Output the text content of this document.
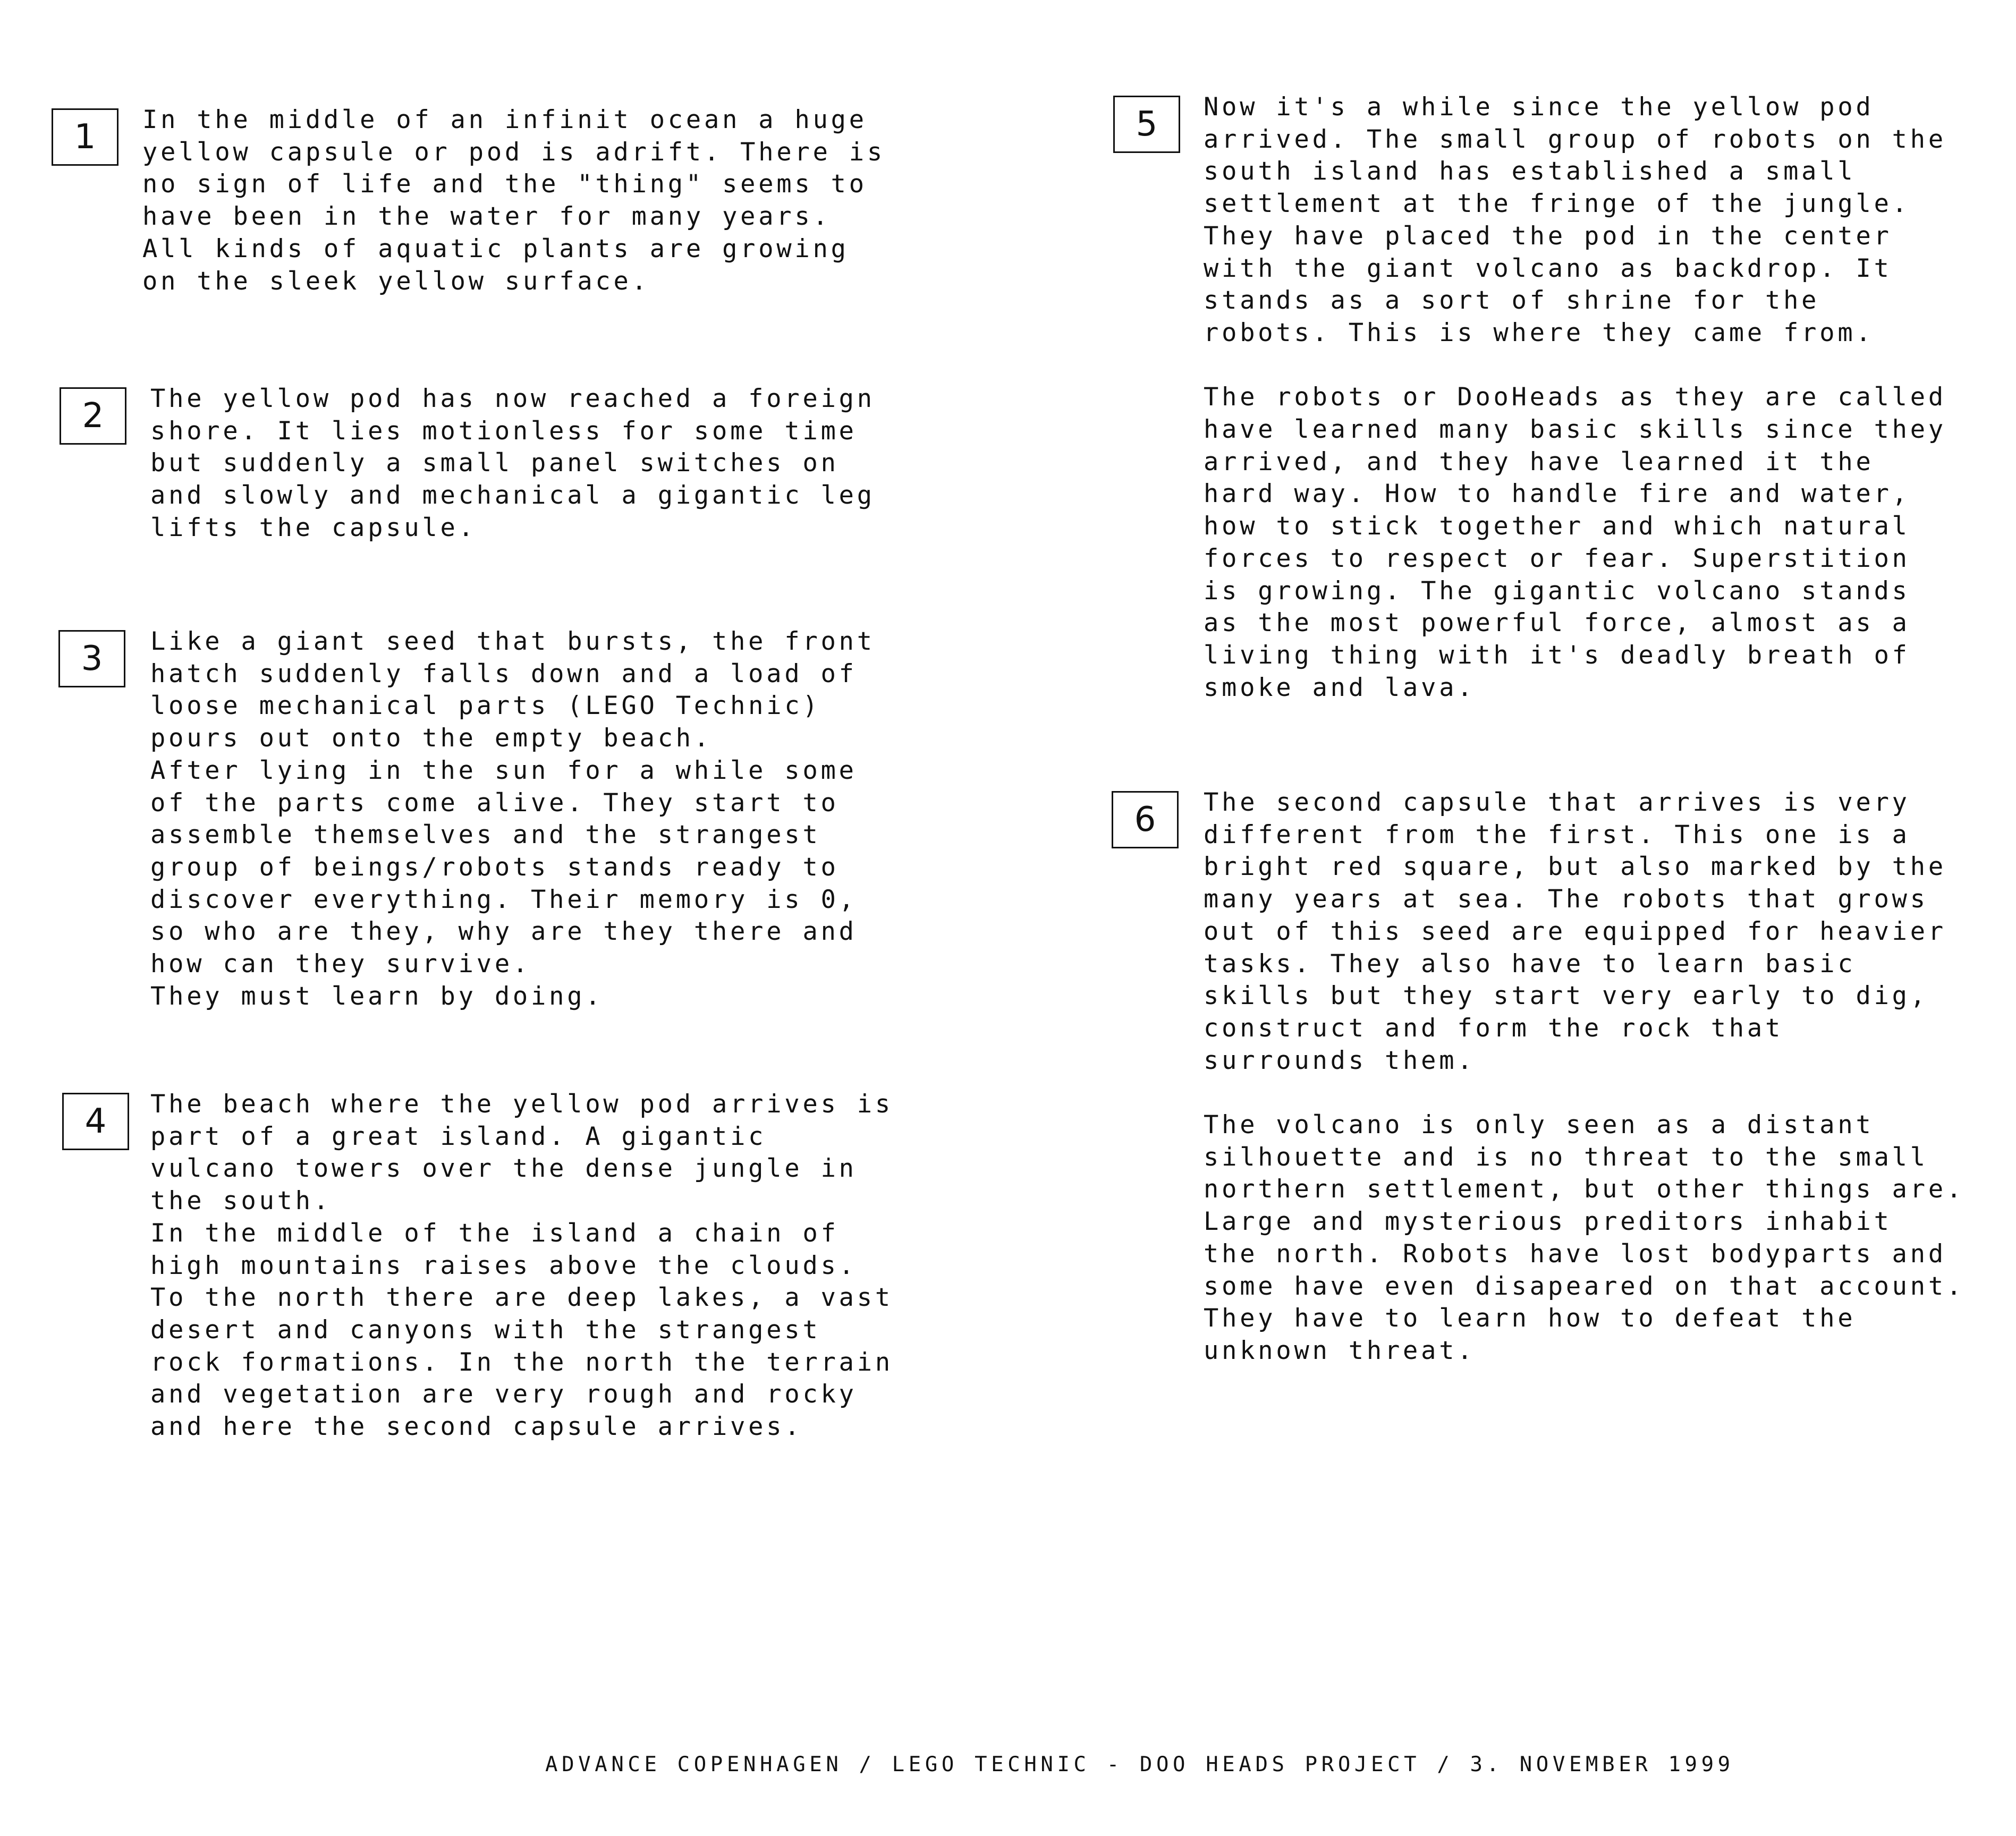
1	In the middle of an infinit ocean a huge
yellow capsule or pod is adrift. There is
no sign of life and the "thing" seems to
have been in the water for many years.
All kinds of aquatic plants are growing
on the sleek yellow surface.

2	The yellow pod has now reached a foreign
shore. It lies motionless for some time
but suddenly a small panel switches on
and slowly and mechanical a gigantic leg
lifts the capsule.

3	Like a giant seed that bursts, the front
hatch suddenly falls down and a load of
loose mechanical parts (LEGO Technic)
pours out onto the empty beach.
After lying in the sun for a while some
of the parts come alive. They start to
assemble themselves and the strangest
group of beings/robots stands ready to
discover everything. Their memory is 0,
so who are they, why are they there and
how can they survive.
They must learn by doing.

4	The beach where the yellow pod arrives is
part of a great island. A gigantic
vulcano towers over the dense jungle in
the south.
In the middle of the island a chain of
high mountains raises above the clouds.
To the north there are deep lakes, a vast
desert and canyons with the strangest
rock formations. In the north the terrain
and vegetation are very rough and rocky
and here the second capsule arrives.

5	Now it's a while since the yellow pod
arrived. The small group of robots on the
south island has established a small
settlement at the fringe of the jungle.
They have placed the pod in the center
with the giant volcano as backdrop. It
stands as a sort of shrine for the
robots. This is where they came from.

The robots or DooHeads as they are called
have learned many basic skills since they
arrived, and they have learned it the
hard way. How to handle fire and water,
how to stick together and which natural
forces to respect or fear. Superstition
is growing. The gigantic volcano stands
as the most powerful force, almost as a
living thing with it's deadly breath of
smoke and lava.

6	The second capsule that arrives is very
different from the first. This one is a
bright red square, but also marked by the
many years at sea. The robots that grows
out of this seed are equipped for heavier
tasks. They also have to learn basic
skills but they start very early to dig,
construct and form the rock that
surrounds them.

The volcano is only seen as a distant
silhouette and is no threat to the small
northern settlement, but other things are.
Large and mysterious preditors inhabit
the north. Robots have lost bodyparts and
some have even disapeared on that account.
They have to learn how to defeat the
unknown threat.

ADVANCE COPENHAGEN / LEGO TECHNIC - DOO HEADS PROJECT / 3. NOVEMBER 1999
